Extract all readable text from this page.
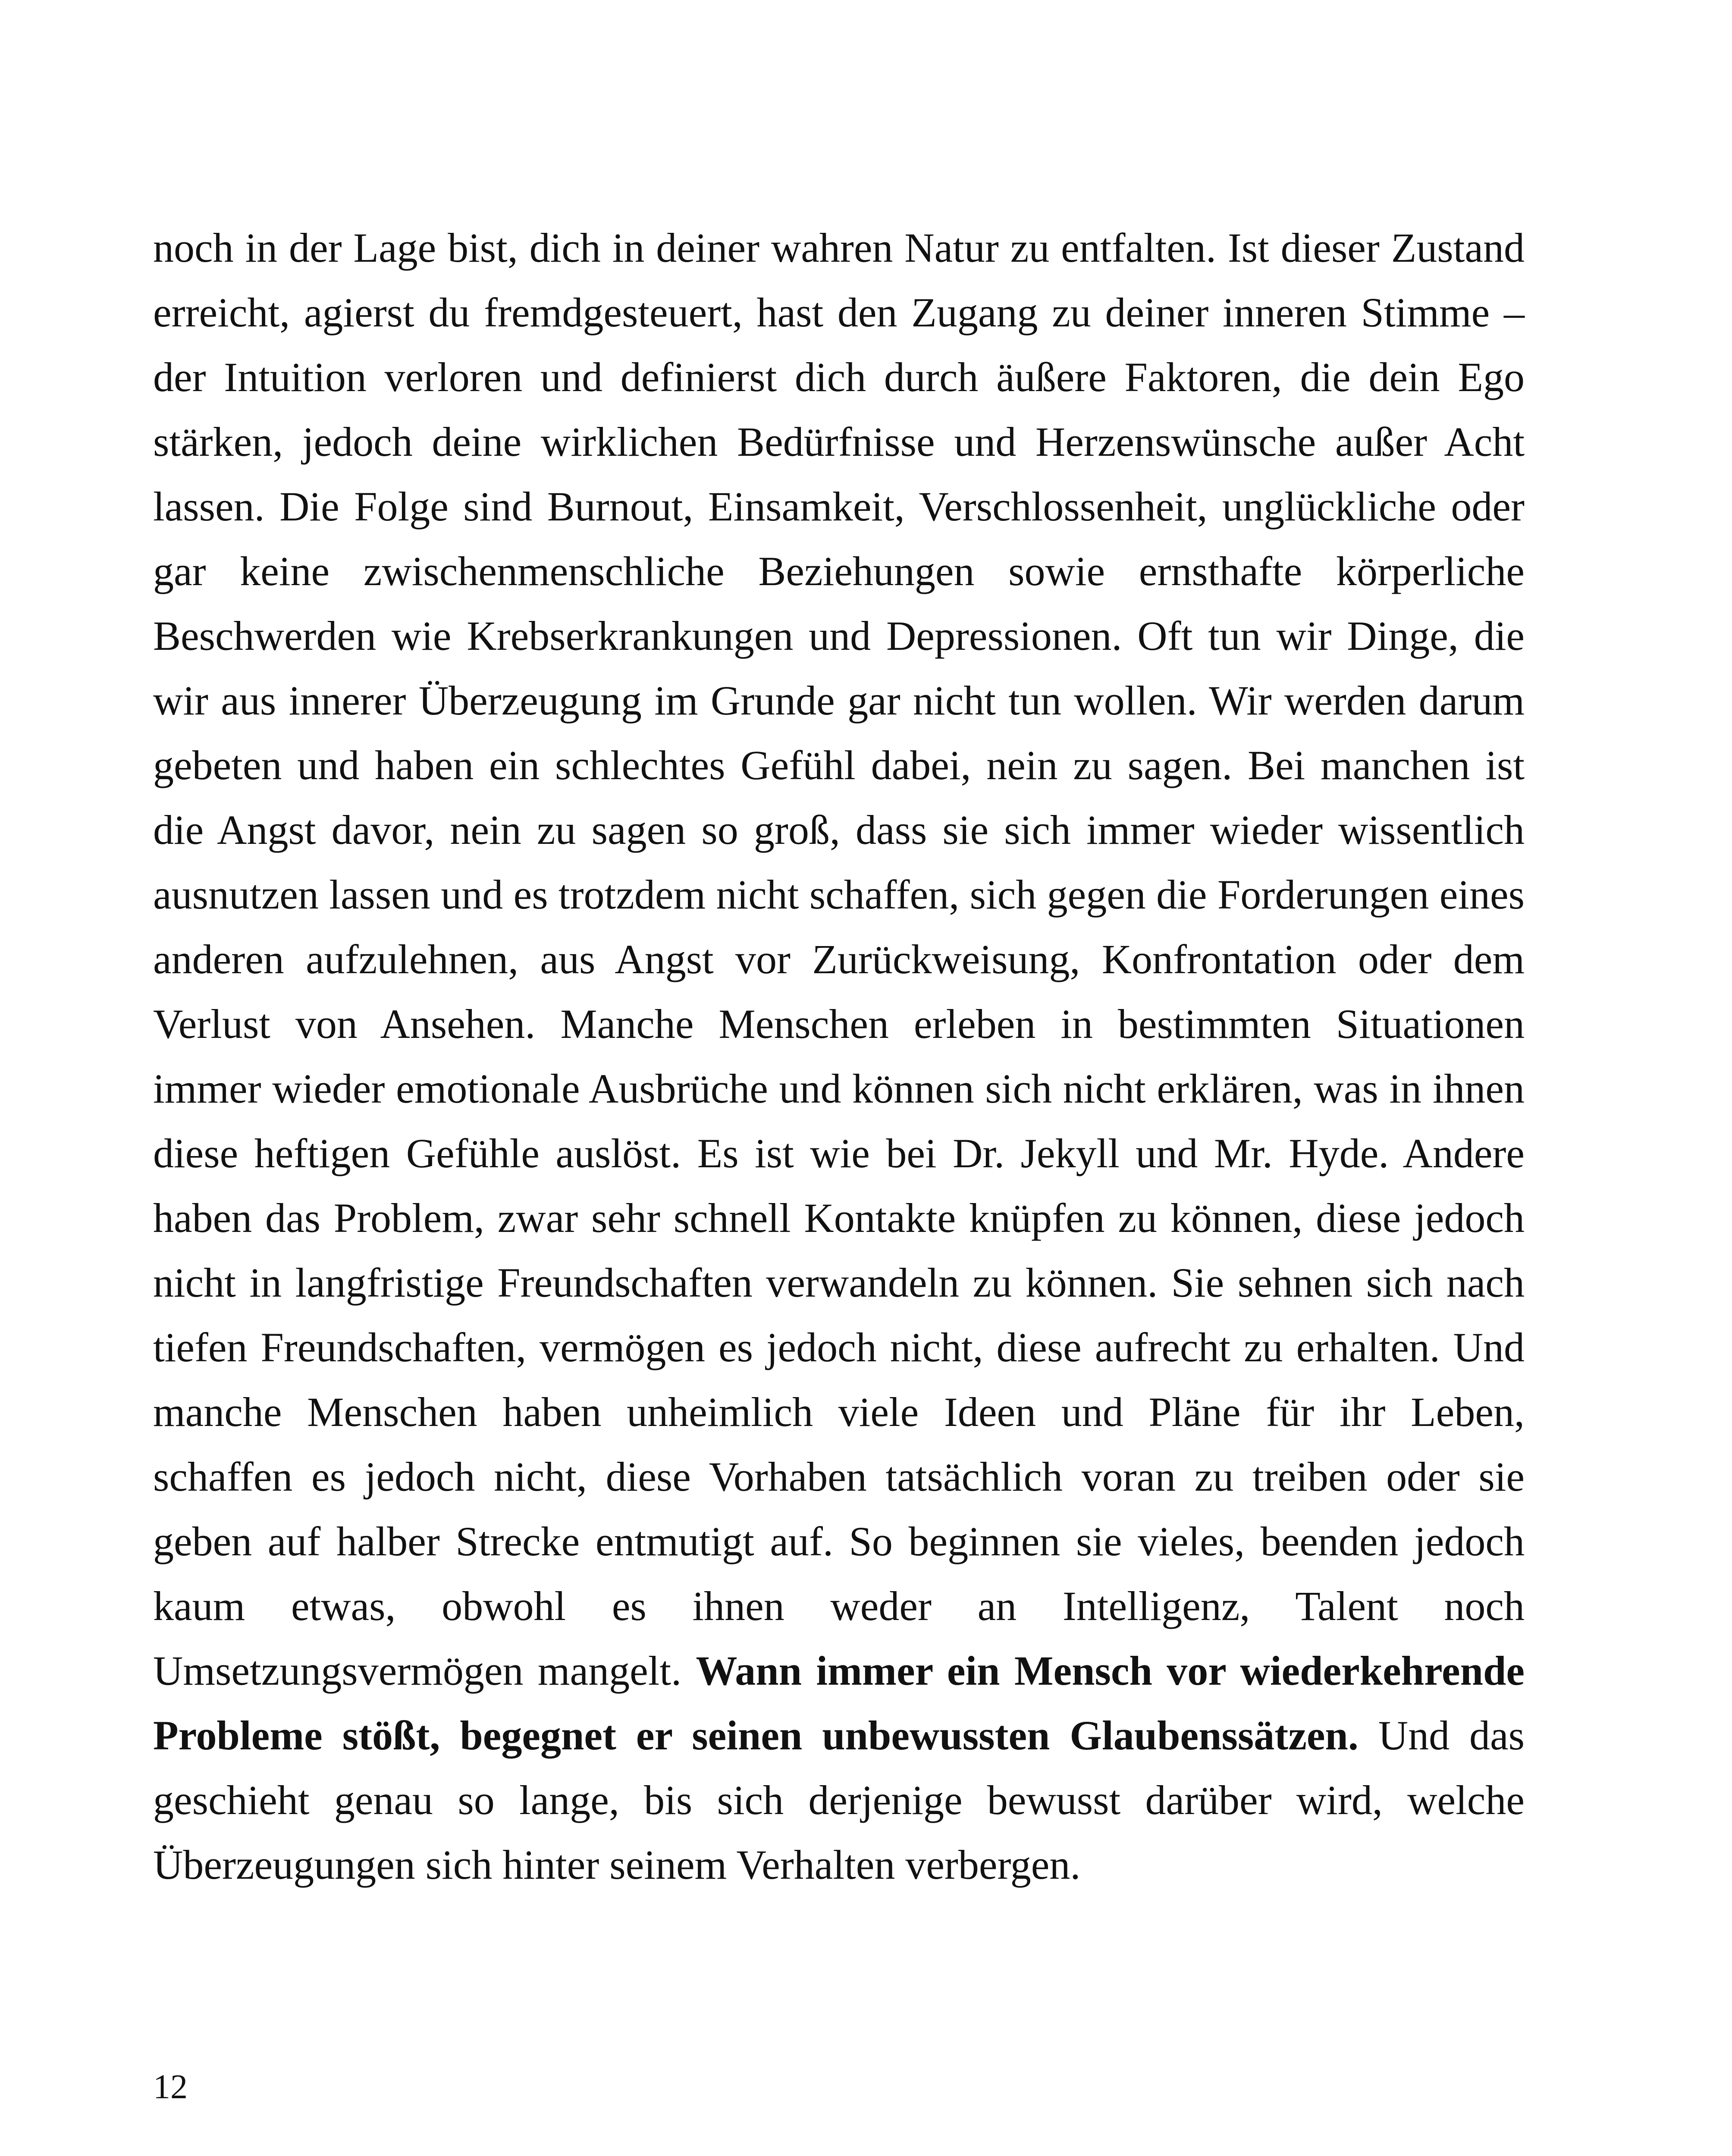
noch in der Lage bist, dich in deiner wahren Natur zu entfalten. Ist dieser Zustand erreicht, agierst du fremdgesteuert, hast den Zugang zu deiner inneren Stimme – der Intuition verloren und definierst dich durch äußere Faktoren, die dein Ego stärken, jedoch deine wirklichen Bedürfnisse und Herzenswünsche außer Acht lassen. Die Folge sind Burnout, Einsamkeit, Verschlossenheit, unglückliche oder gar keine zwischenmenschliche Beziehungen sowie ernsthafte körperliche Beschwerden wie Krebserkrankungen und Depressionen. Oft tun wir Dinge, die wir aus innerer Überzeugung im Grunde gar nicht tun wollen. Wir werden darum gebeten und haben ein schlechtes Gefühl dabei, nein zu sagen. Bei manchen ist die Angst davor, nein zu sagen so groß, dass sie sich immer wieder wissentlich ausnutzen lassen und es trotzdem nicht schaffen, sich gegen die Forderungen eines anderen aufzulehnen, aus Angst vor Zurückweisung, Konfrontation oder dem Verlust von Ansehen. Manche Menschen erleben in bestimmten Situationen immer wieder emotionale Ausbrüche und können sich nicht erklären, was in ihnen diese heftigen Gefühle auslöst. Es ist wie bei Dr. Jekyll und Mr. Hyde. Andere haben das Problem, zwar sehr schnell Kontakte knüpfen zu können, diese jedoch nicht in langfristige Freundschaften verwandeln zu können. Sie sehnen sich nach tiefen Freundschaften, vermögen es jedoch nicht, diese aufrecht zu erhalten. Und manche Menschen haben unheimlich viele Ideen und Pläne für ihr Leben, schaffen es jedoch nicht, diese Vorhaben tatsächlich voran zu treiben oder sie geben auf halber Strecke entmutigt auf. So beginnen sie vieles, beenden jedoch kaum etwas, obwohl es ihnen weder an Intelligenz, Talent noch Umsetzungsvermögen mangelt. Wann immer ein Mensch vor wiederkehrende Probleme stößt, begegnet er seinen unbewussten Glaubenssätzen. Und das geschieht genau so lange, bis sich derjenige bewusst darüber wird, welche Überzeugungen sich hinter seinem Verhalten verbergen.

12
